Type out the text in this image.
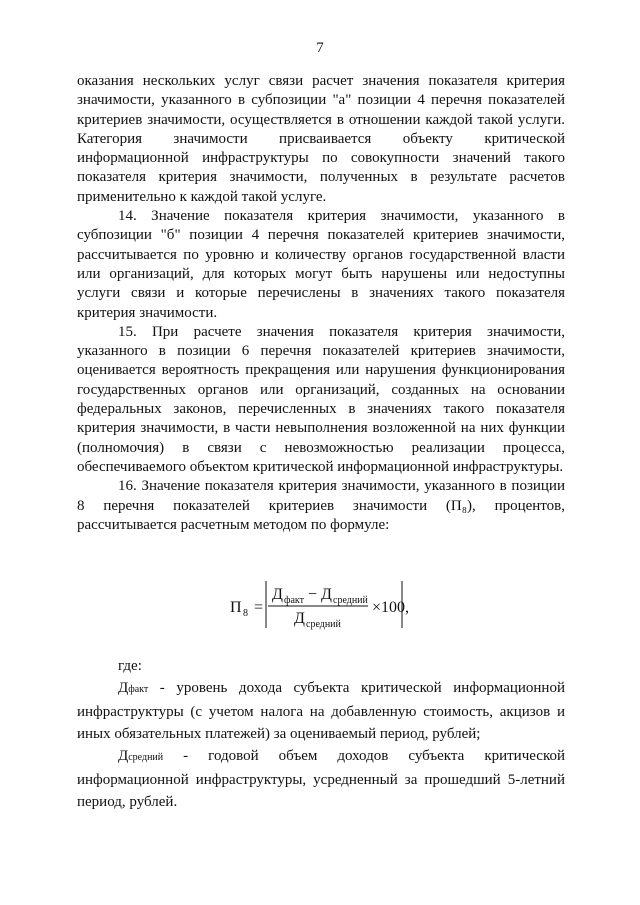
7

оказания нескольких услуг связи расчет значения показателя критерия значимости, указанного в субпозиции "а" позиции 4 перечня показателей критериев значимости, осуществляется в отношении каждой такой услуги. Категория значимости присваивается объекту критической информационной инфраструктуры по совокупности значений такого показателя критерия значимости, полученных в результате расчетов применительно к каждой такой услуге.

14. Значение показателя критерия значимости, указанного в субпозиции "б" позиции 4 перечня показателей критериев значимости, рассчитывается по уровню и количеству органов государственной власти или организаций, для которых могут быть нарушены или недоступны услуги связи и которые перечислены в значениях такого показателя критерия значимости.

15. При расчете значения показателя критерия значимости, указанного в позиции 6 перечня показателей критериев значимости, оценивается вероятность прекращения или нарушения функционирования государственных органов или организаций, созданных на основании федеральных законов, перечисленных в значениях такого показателя критерия значимости, в части невыполнения возложенной на них функции (полномочия) в связи с невозможностью реализации процесса, обеспечиваемого объектом критической информационной инфраструктуры.

16. Значение показателя критерия значимости, указанного в позиции 8 перечня показателей критериев значимости (П₈), процентов, рассчитывается расчетным методом по формуле:

П 8 =
Д факт − Д средний
Д средний
×100 ,

где:

Дфакт - уровень дохода субъекта критической информационной инфраструктуры (с учетом налога на добавленную стоимость, акцизов и иных обязательных платежей) за оцениваемый период, рублей;

Дсредний - годовой объем доходов субъекта критической информационной инфраструктуры, усредненный за прошедший 5-летний период, рублей.
